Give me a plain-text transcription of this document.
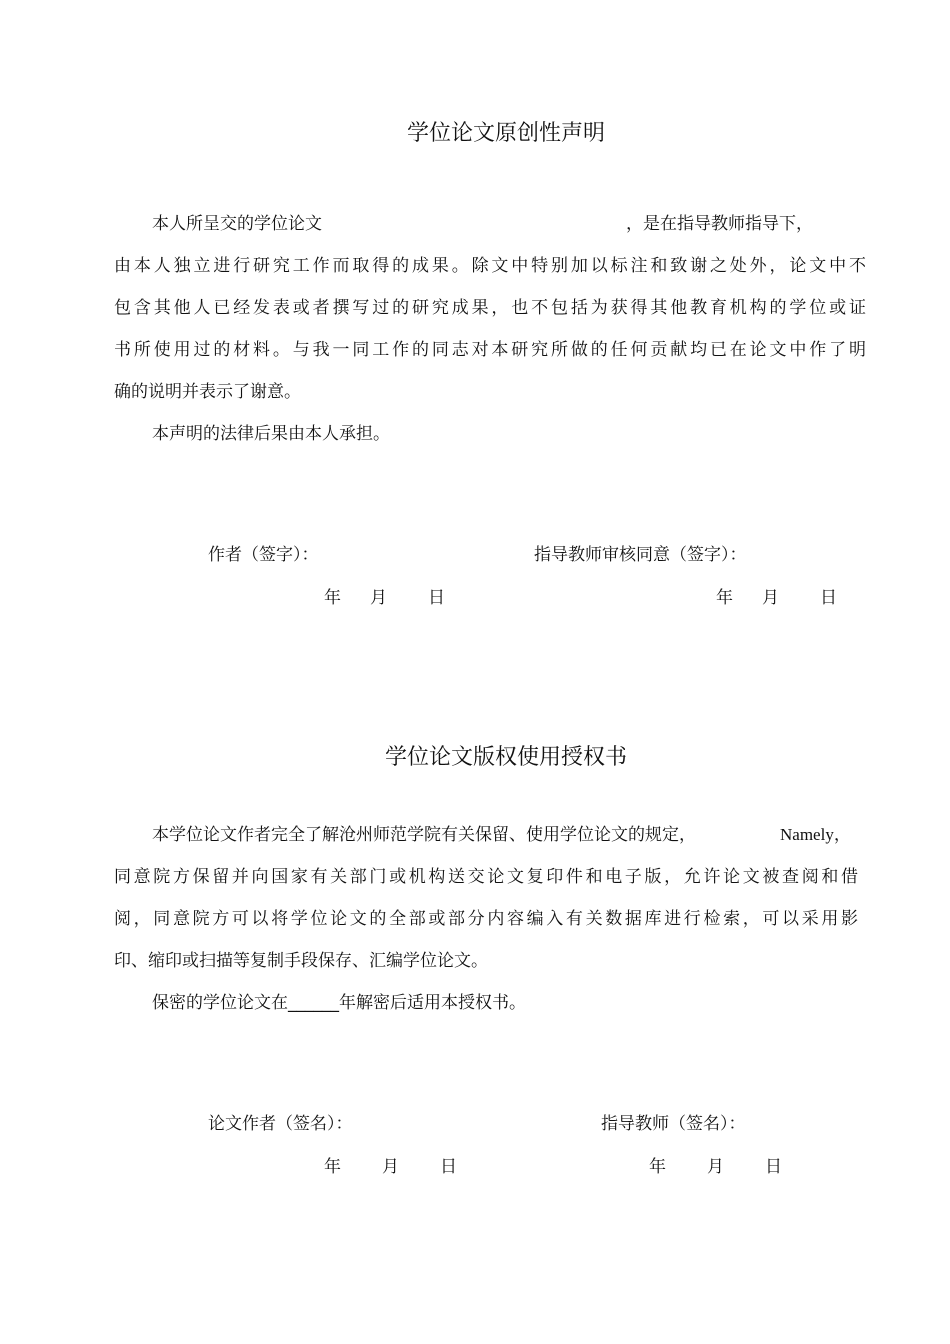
学位论文原创性声明
本人所呈交的学位论文	，是在指导教师指导下，
由本人独立进行研究工作而取得的成果。除文中特别加以标注和致谢之处外，论文中不
包含其他人已经发表或者撰写过的研究成果，也不包括为获得其他教育机构的学位或证
书所使用过的材料。与我一同工作的同志对本研究所做的任何贡献均已在论文中作了明
确的说明并表示了谢意。
本声明的法律后果由本人承担。
作者（签字）：	指导教师审核同意（签字）：
年 月 日	年 月 日
学位论文版权使用授权书
本学位论文作者完全了解沧州师范学院有关保留、使用学位论文的规定，	Namely，
同意院方保留并向国家有关部门或机构送交论文复印件和电子版，允许论文被查阅和借
阅，同意院方可以将学位论文的全部或部分内容编入有关数据库进行检索，可以采用影
印、缩印或扫描等复制手段保存、汇编学位论文。
保密的学位论文在______年解密后适用本授权书。
论文作者（签名）：	指导教师（签名）：
年 月 日	年 月 日
